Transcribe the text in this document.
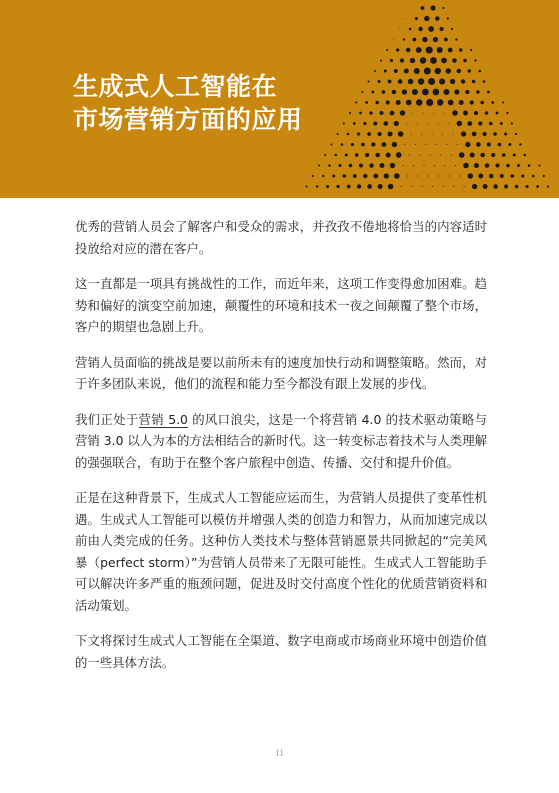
生成式人工智能在
市场营销方面的应用

优秀的营销人员会了解客户和受众的需求，并孜孜不倦地将恰当的内容适时投放给对应的潜在客户。

这一直都是一项具有挑战性的工作，而近年来，这项工作变得愈加困难。趋势和偏好的演变空前加速，颠覆性的环境和技术一夜之间颠覆了整个市场，客户的期望也急剧上升。

营销人员面临的挑战是要以前所未有的速度加快行动和调整策略。然而，对于许多团队来说，他们的流程和能力至今都没有跟上发展的步伐。

我们正处于营销 5.0 的风口浪尖，这是一个将营销 4.0 的技术驱动策略与营销 3.0 以人为本的方法相结合的新时代。这一转变标志着技术与人类理解的强强联合，有助于在整个客户旅程中创造、传播、交付和提升价值。

正是在这种背景下，生成式人工智能应运而生，为营销人员提供了变革性机遇。生成式人工智能可以模仿并增强人类的创造力和智力，从而加速完成以前由人类完成的任务。这种仿人类技术与整体营销愿景共同掀起的“完美风暴（perfect storm）”为营销人员带来了无限可能性。生成式人工智能助手可以解决许多严重的瓶颈问题，促进及时交付高度个性化的优质营销资料和活动策划。

下文将探讨生成式人工智能在全渠道、数字电商或市场商业环境中创造价值的一些具体方法。

11
